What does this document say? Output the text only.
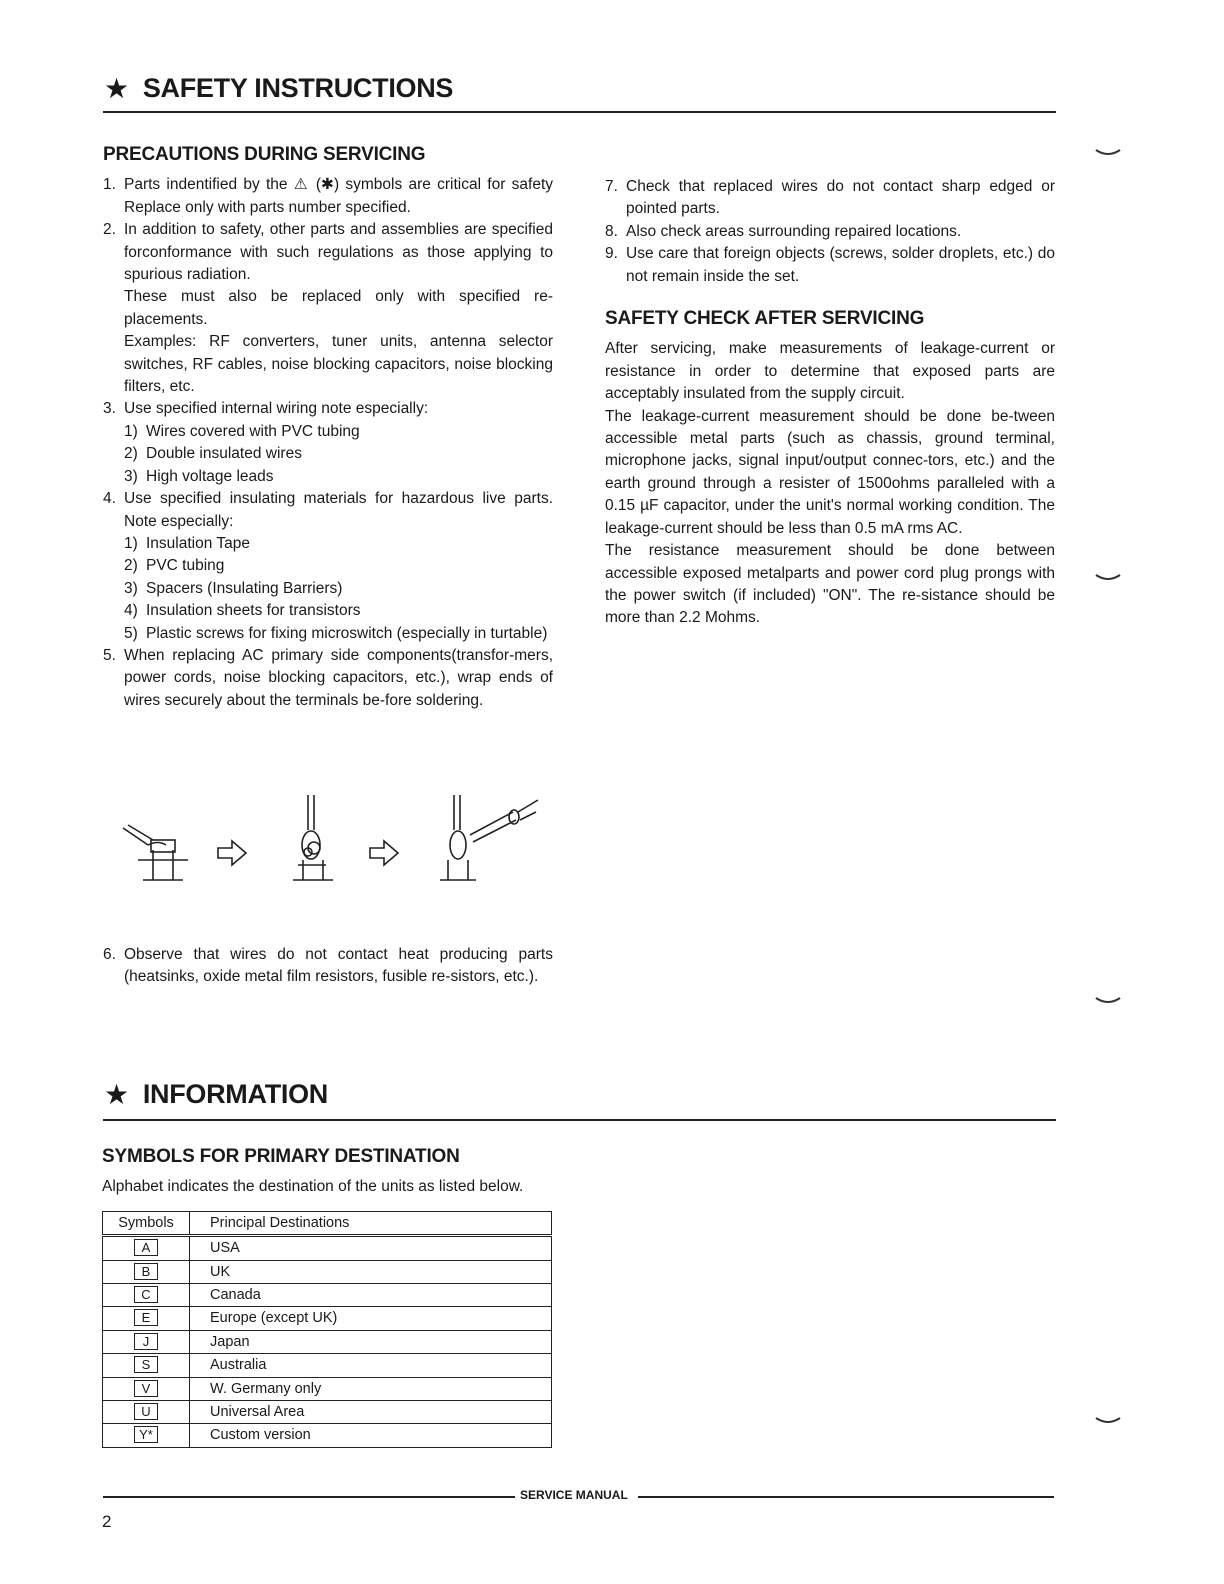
★ SAFETY INSTRUCTIONS
PRECAUTIONS DURING SERVICING
1. Parts indentified by the ⚠ (✱) symbols are critical for safety Replace only with parts number specified.
2. In addition to safety, other parts and assemblies are specified forconformance with such regulations as those applying to spurious radiation.
These must also be replaced only with specified re-placements.
Examples: RF converters, tuner units, antenna selector switches, RF cables, noise blocking capacitors, noise blocking filters, etc.
3. Use specified internal wiring note especially:
1) Wires covered with PVC tubing
2) Double insulated wires
3) High voltage leads
4. Use specified insulating materials for hazardous live parts. Note especially:
1) Insulation Tape
2) PVC tubing
3) Spacers (Insulating Barriers)
4) Insulation sheets for transistors
5) Plastic screws for fixing microswitch (especially in turtable)
5. When replacing AC primary side components(transfor-mers, power cords, noise blocking capacitors, etc.), wrap ends of wires securely about the terminals be-fore soldering.
6. Observe that wires do not contact heat producing parts (heatsinks, oxide metal film resistors, fusible re-sistors, etc.).
7. Check that replaced wires do not contact sharp edged or pointed parts.
8. Also check areas surrounding repaired locations.
9. Use care that foreign objects (screws, solder droplets, etc.) do not remain inside the set.
SAFETY CHECK AFTER SERVICING

After servicing, make measurements of leakage-current or resistance in order to determine that exposed parts are acceptably insulated from the supply circuit.

The leakage-current measurement should be done be-tween accessible metal parts (such as chassis, ground terminal, microphone jacks, signal input/output connec-tors, etc.) and the earth ground through a resister of 1500ohms paralleled with a 0.15 µF capacitor, under the unit's normal working condition. The leakage-current should be less than 0.5 mA rms AC.

The resistance measurement should be done between accessible exposed metalparts and power cord plug prongs with the power switch (if included) "ON". The re-sistance should be more than 2.2 Mohms.

★ INFORMATION
SYMBOLS FOR PRIMARY DESTINATION

Alphabet indicates the destination of the units as listed below.

Symbols	Principal Destinations
A	USA
B	UK
C	Canada
E	Europe (except UK)
J	Japan
S	Australia
V	W. Germany only
U	Universal Area
Y*	Custom version
SERVICE MANUAL
2
